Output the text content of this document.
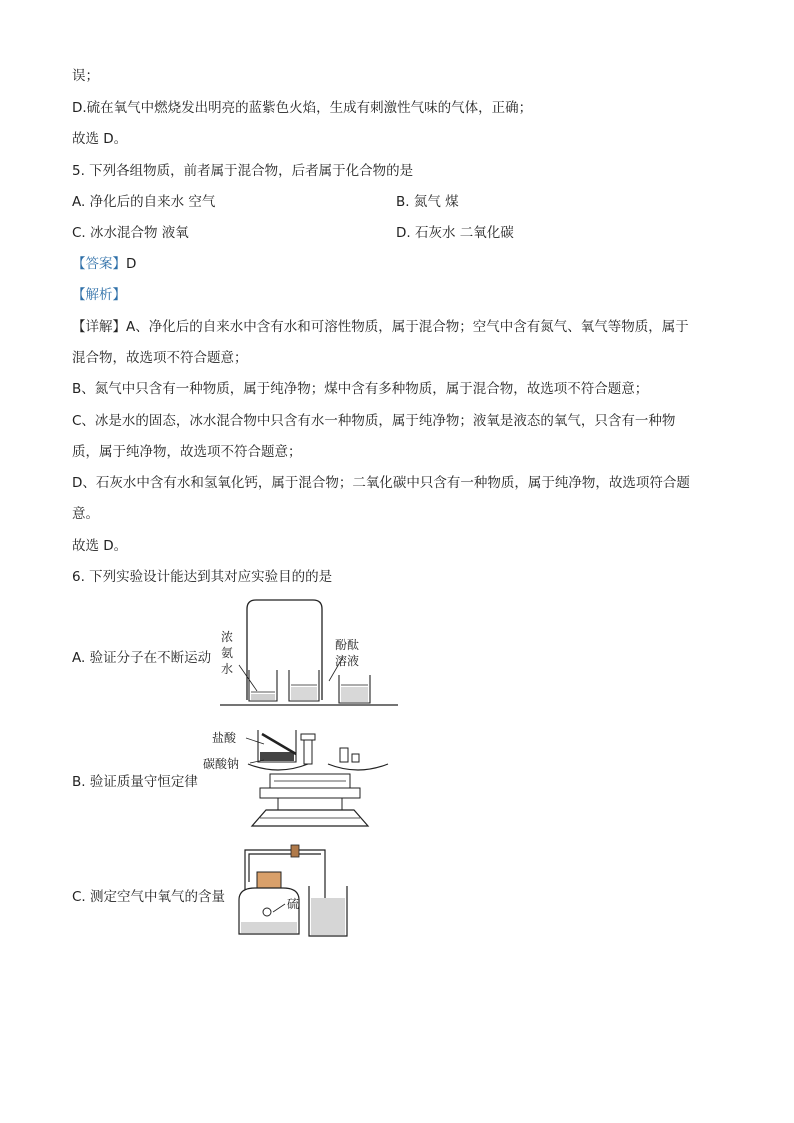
误；
D.硫在氧气中燃烧发出明亮的蓝紫色火焰，生成有刺激性气味的气体，正确；
故选 D。
5. 下列各组物质，前者属于混合物，后者属于化合物的是
A. 净化后的自来水 空气	B. 氮气 煤
C. 冰水混合物 液氧	D. 石灰水 二氧化碳
【答案】D
【解析】
【详解】A、净化后的自来水中含有水和可溶性物质，属于混合物；空气中含有氮气、氧气等物质，属于
混合物，故选项不符合题意；
B、氮气中只含有一种物质，属于纯净物；煤中含有多种物质，属于混合物，故选项不符合题意；
C、冰是水的固态，冰水混合物中只含有水一种物质，属于纯净物；液氧是液态的氧气，只含有一种物
质，属于纯净物，故选项不符合题意；
D、石灰水中含有水和氢氧化钙，属于混合物；二氧化碳中只含有一种物质，属于纯净物，故选项符合题
意。
故选 D。
6. 下列实验设计能达到其对应实验目的的是
A. 验证分子在不断运动
B. 验证质量守恒定律
C. 测定空气中氧气的含量
浓
氨
水
酚酞
溶液
盐酸
碳酸钠
硫
